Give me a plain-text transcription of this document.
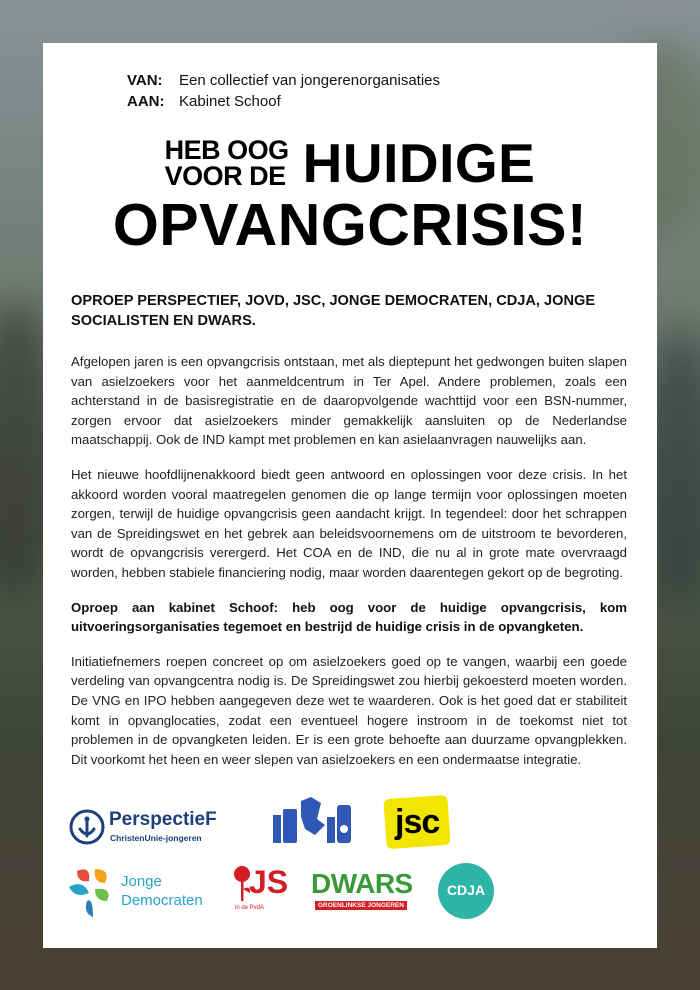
VAN:	Een collectief van jongerenorganisaties
AAN: Kabinet Schoof
HEB OOG
VOOR DE HUIDIGE
OPVANGCRISIS!
OPROEP PERSPECTIEF, JOVD, JSC, JONGE DEMOCRATEN, CDJA, JONGE SOCIALISTEN EN DWARS.

Afgelopen jaren is een opvangcrisis ontstaan, met als dieptepunt het gedwongen buiten slapen van asielzoekers voor het aanmeldcentrum in Ter Apel. Andere problemen, zoals een achterstand in de basisregistratie en de daaropvolgende wachttijd voor een BSN-nummer, zorgen ervoor dat asielzoekers minder gemakkelijk aansluiten op de Nederlandse maatschappij. Ook de IND kampt met problemen en kan asielaanvragen nauwelijks aan.

Het nieuwe hoofdlijnenakkoord biedt geen antwoord en oplossingen voor deze crisis. In het akkoord worden vooral maatregelen genomen die op lange termijn voor oplossingen moeten zorgen, terwijl de huidige opvangcrisis geen aandacht krijgt. In tegendeel: door het schrappen van de Spreidingswet en het gebrek aan beleidsvoornemens om de uitstroom te bevorderen, wordt de opvangcrisis verergerd. Het COA en de IND, die nu al in grote mate overvraagd worden, hebben stabiele financiering nodig, maar worden daarentegen gekort op de begroting.

Oproep aan kabinet Schoof: heb oog voor de huidige opvangcrisis, kom uitvoeringsorganisaties tegemoet en bestrijd de huidige crisis in de opvangketen.

Initiatiefnemers roepen concreet op om asielzoekers goed op te vangen, waarbij een goede verdeling van opvangcentra nodig is. De Spreidingswet zou hierbij gekoesterd moeten worden. De VNG en IPO hebben aangegeven deze wet te waarderen. Ook is het goed dat er stabiliteit komt in opvanglocaties, zodat een eventueel hogere instroom in de toekomst niet tot problemen in de opvangketen leiden. Er is een grote behoefte aan duurzame opvangplekken. Dit voorkomt het heen en weer slepen van asielzoekers en een ondermaatse integratie.

PerspectieF
ChristenUnie-jongeren	jsc
Jonge
Democraten
JS
in de PvdA
DWARS
GROENLINKSE JONGEREN
CDJA
